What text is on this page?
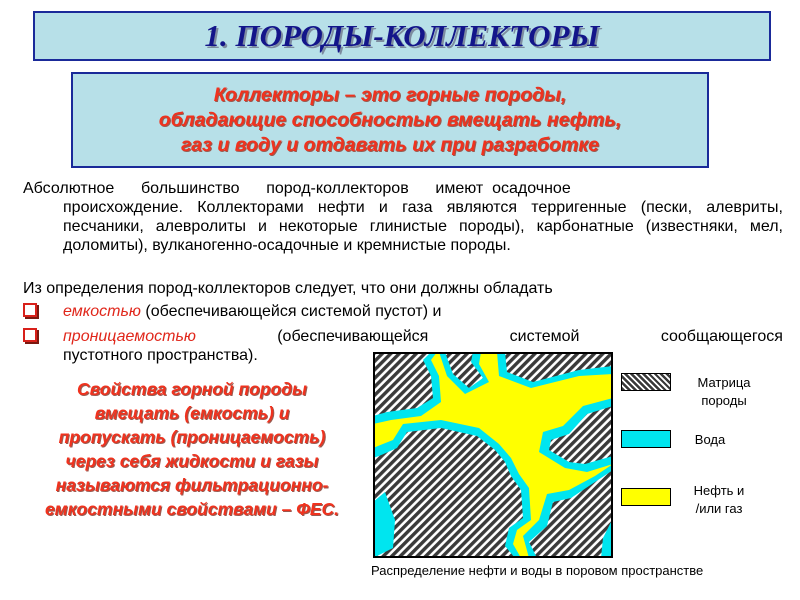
1. ПОРОДЫ-КОЛЛЕКТОРЫ
Коллекторы – это горные породы,
обладающие способностью вмещать нефть,
газ и воду и отдавать их при разработке
Абсолютное      большинство      пород-коллекторов      имеют  осадочное
происхождение. Коллекторами нефти и газа являются терригенные (пески, алевриты, песчаники, алевролиты и некоторые глинистые породы), карбонатные (известняки, мел, доломиты), вулканогенно-осадочные и кремнистые породы.
Из определения пород-коллекторов следует, что они должны обладать
емкостью (обеспечивающейся системой пустот) и
проницаемостью	(обеспечивающейся	системой	сообщающегося
пустотного пространства).
Свойства горной породы
вмещать (емкость) и
пропускать (проницаемость)
через себя жидкости и газы
называются фильтрационно-
емкостными свойствами – ФЕС.
Матрица
породы
Вода
Нефть и
/или газ
Распределение нефти и воды в поровом пространстве
